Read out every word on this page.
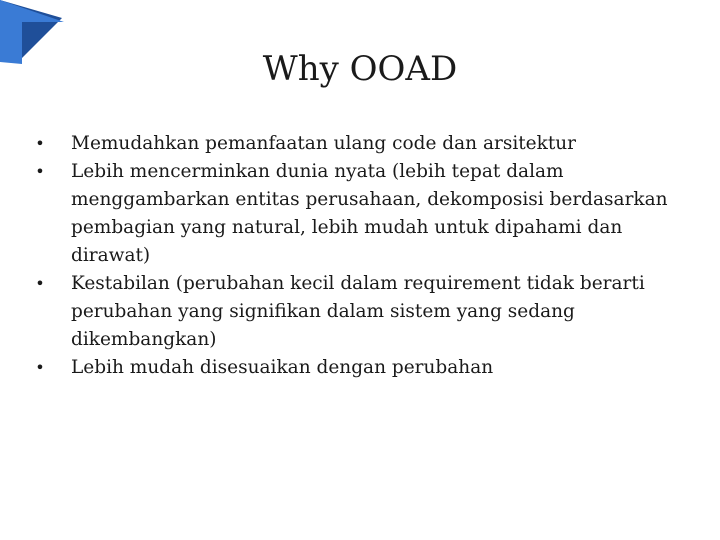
Why OOAD
• Memudahkan pemanfaatan ulang code dan arsitektur
• Lebih mencerminkan dunia nyata (lebih tepat dalam menggambarkan entitas perusahaan, dekomposisi berdasarkan pembagian yang natural, lebih mudah untuk dipahami dan dirawat)
• Kestabilan (perubahan kecil dalam requirement tidak berarti perubahan yang signifikan dalam sistem yang sedang dikembangkan)
• Lebih mudah disesuaikan dengan perubahan
